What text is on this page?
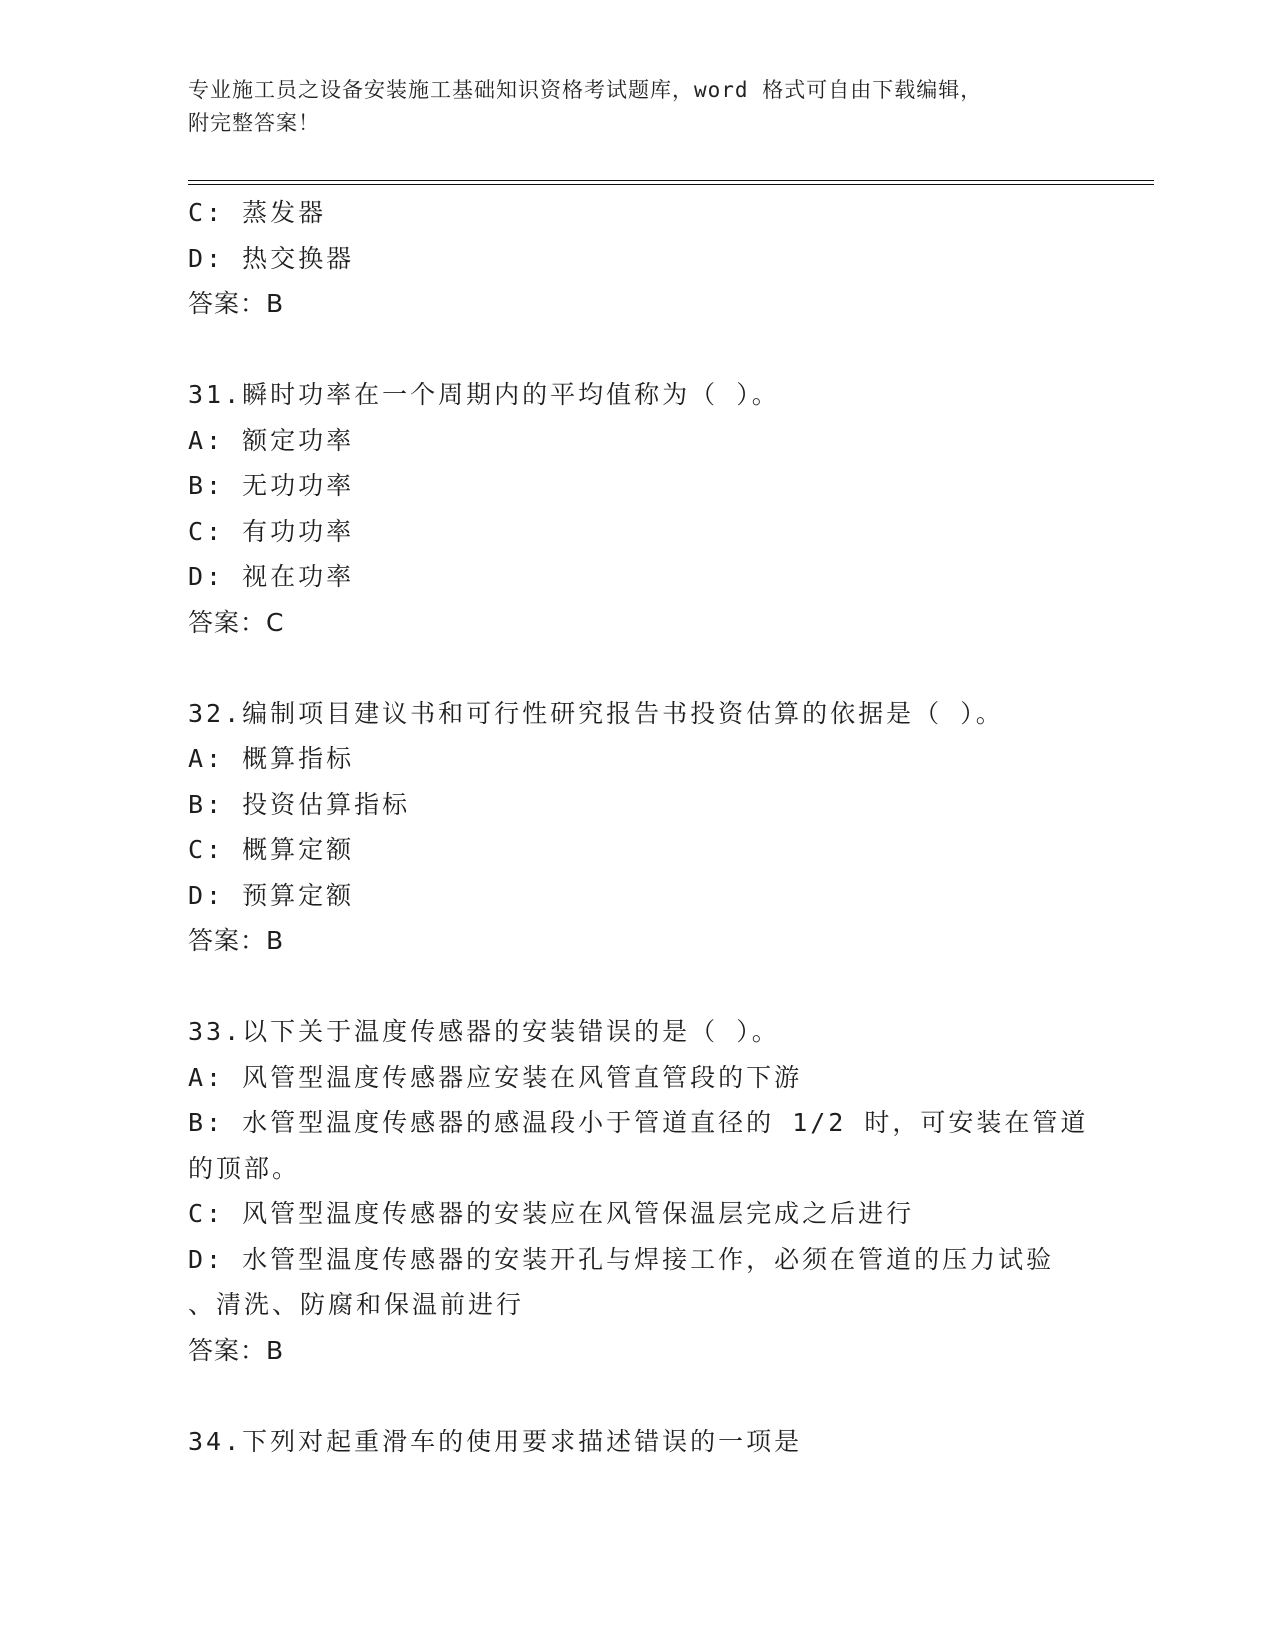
专业施工员之设备安装施工基础知识资格考试题库，word 格式可自由下载编辑，
附完整答案！
C: 蒸发器
D: 热交换器
答案：B
31.瞬时功率在一个周期内的平均值称为（ ）。
A: 额定功率
B: 无功功率
C: 有功功率
D: 视在功率
答案：C
32.编制项目建议书和可行性研究报告书投资估算的依据是（ ）。
A: 概算指标
B: 投资估算指标
C: 概算定额
D: 预算定额
答案：B
33.以下关于温度传感器的安装错误的是（ ）。
A: 风管型温度传感器应安装在风管直管段的下游
B: 水管型温度传感器的感温段小于管道直径的 1/2 时，可安装在管道
的顶部。
C: 风管型温度传感器的安装应在风管保温层完成之后进行
D: 水管型温度传感器的安装开孔与焊接工作，必须在管道的压力试验
、清洗、防腐和保温前进行
答案：B
34.下列对起重滑车的使用要求描述错误的一项是
